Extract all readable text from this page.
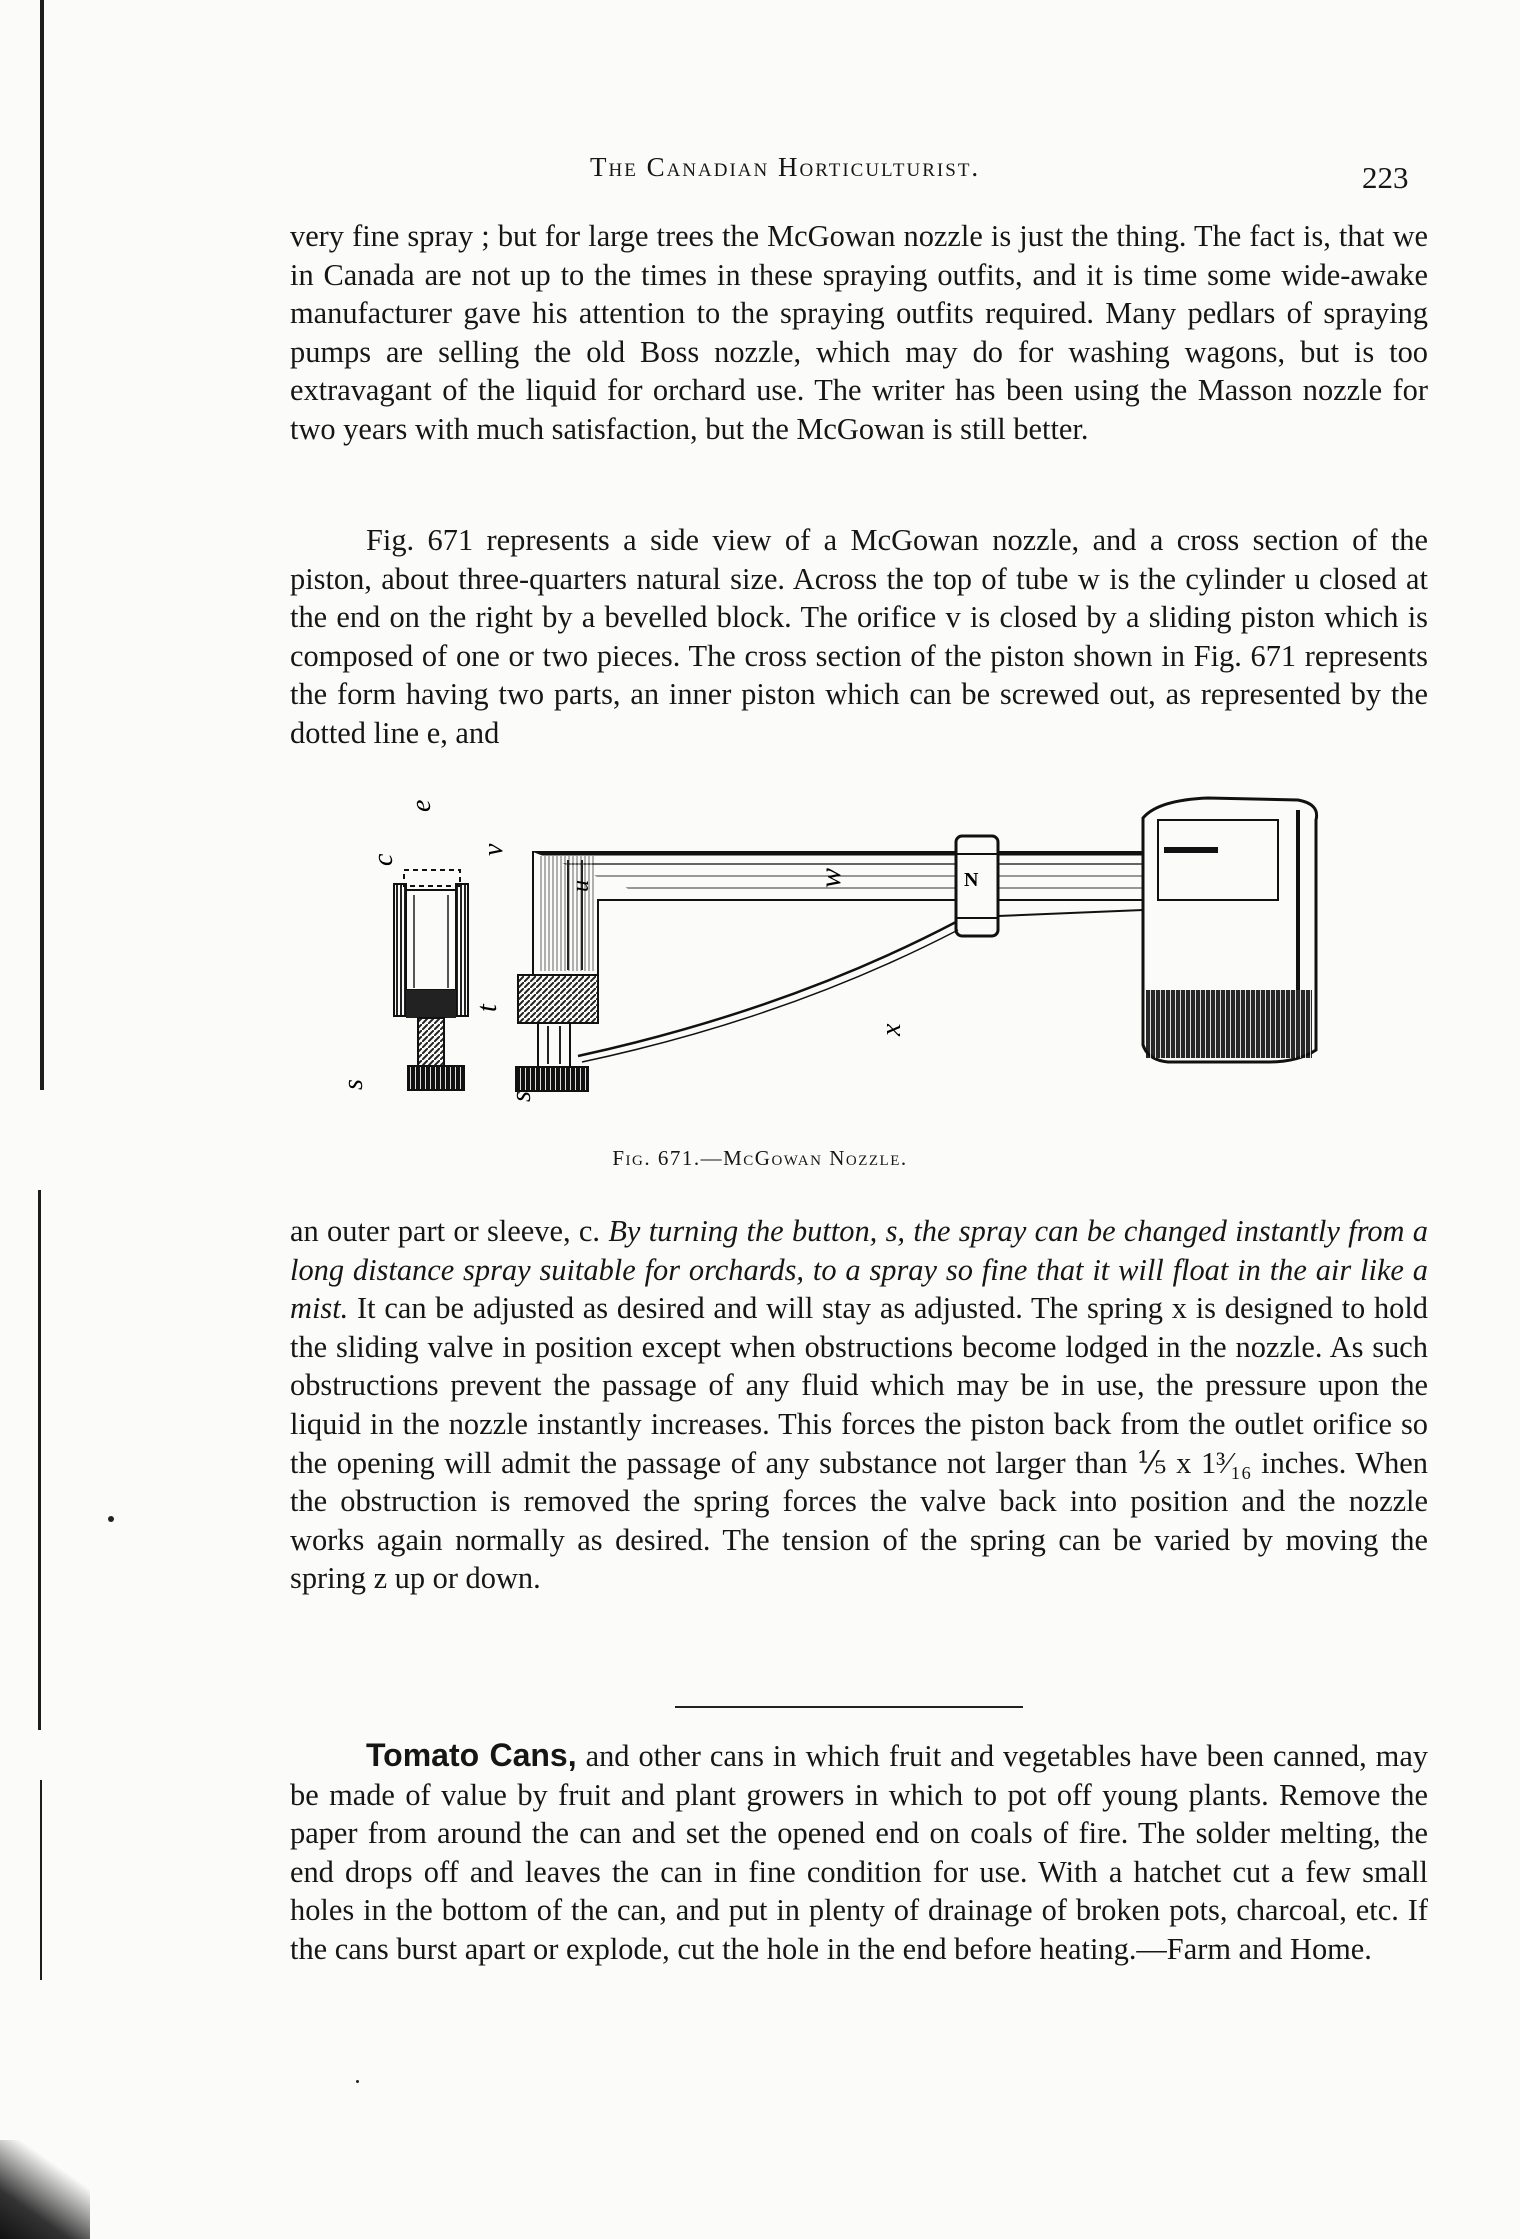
The Canadian Horticulturist.	223

very fine spray ; but for large trees the McGowan nozzle is just the thing. The fact is, that we in Canada are not up to the times in these spraying outfits, and it is time some wide-awake manufacturer gave his attention to the spraying outfits required. Many pedlars of spraying pumps are selling the old Boss nozzle, which may do for washing wagons, but is too extravagant of the liquid for orchard use. The writer has been using the Masson nozzle for two years with much satisfaction, but the McGowan is still better.

Fig. 671 represents a side view of a McGowan nozzle, and a cross section of the piston, about three-quarters natural size. Across the top of tube w is the cylinder u closed at the end on the right by a bevelled block. The orifice v is closed by a sliding piston which is composed of one or two pieces. The cross section of the piston shown in Fig. 671 represents the form having two parts, an inner piston which can be screwed out, as represented by the dotted line e, and

e
c
s
v
u
t
s
w	N
x
Fig. 671.—McGowan Nozzle.

an outer part or sleeve, c. By turning the button, s, the spray can be changed instantly from a long distance spray suitable for orchards, to a spray so fine that it will float in the air like a mist. It can be adjusted as desired and will stay as adjusted. The spring x is designed to hold the sliding valve in position except when obstructions become lodged in the nozzle. As such obstructions prevent the passage of any fluid which may be in use, the pressure upon the liquid in the nozzle instantly increases. This forces the piston back from the outlet orifice so the opening will admit the passage of any substance not larger than ⅕ x 1³⁄₁₆ inches. When the obstruction is removed the spring forces the valve back into position and the nozzle works again normally as desired. The tension of the spring can be varied by moving the spring z up or down.

Tomato Cans, and other cans in which fruit and vegetables have been canned, may be made of value by fruit and plant growers in which to pot off young plants. Remove the paper from around the can and set the opened end on coals of fire. The solder melting, the end drops off and leaves the can in fine condition for use. With a hatchet cut a few small holes in the bottom of the can, and put in plenty of drainage of broken pots, charcoal, etc. If the cans burst apart or explode, cut the hole in the end before heating.—Farm and Home.
